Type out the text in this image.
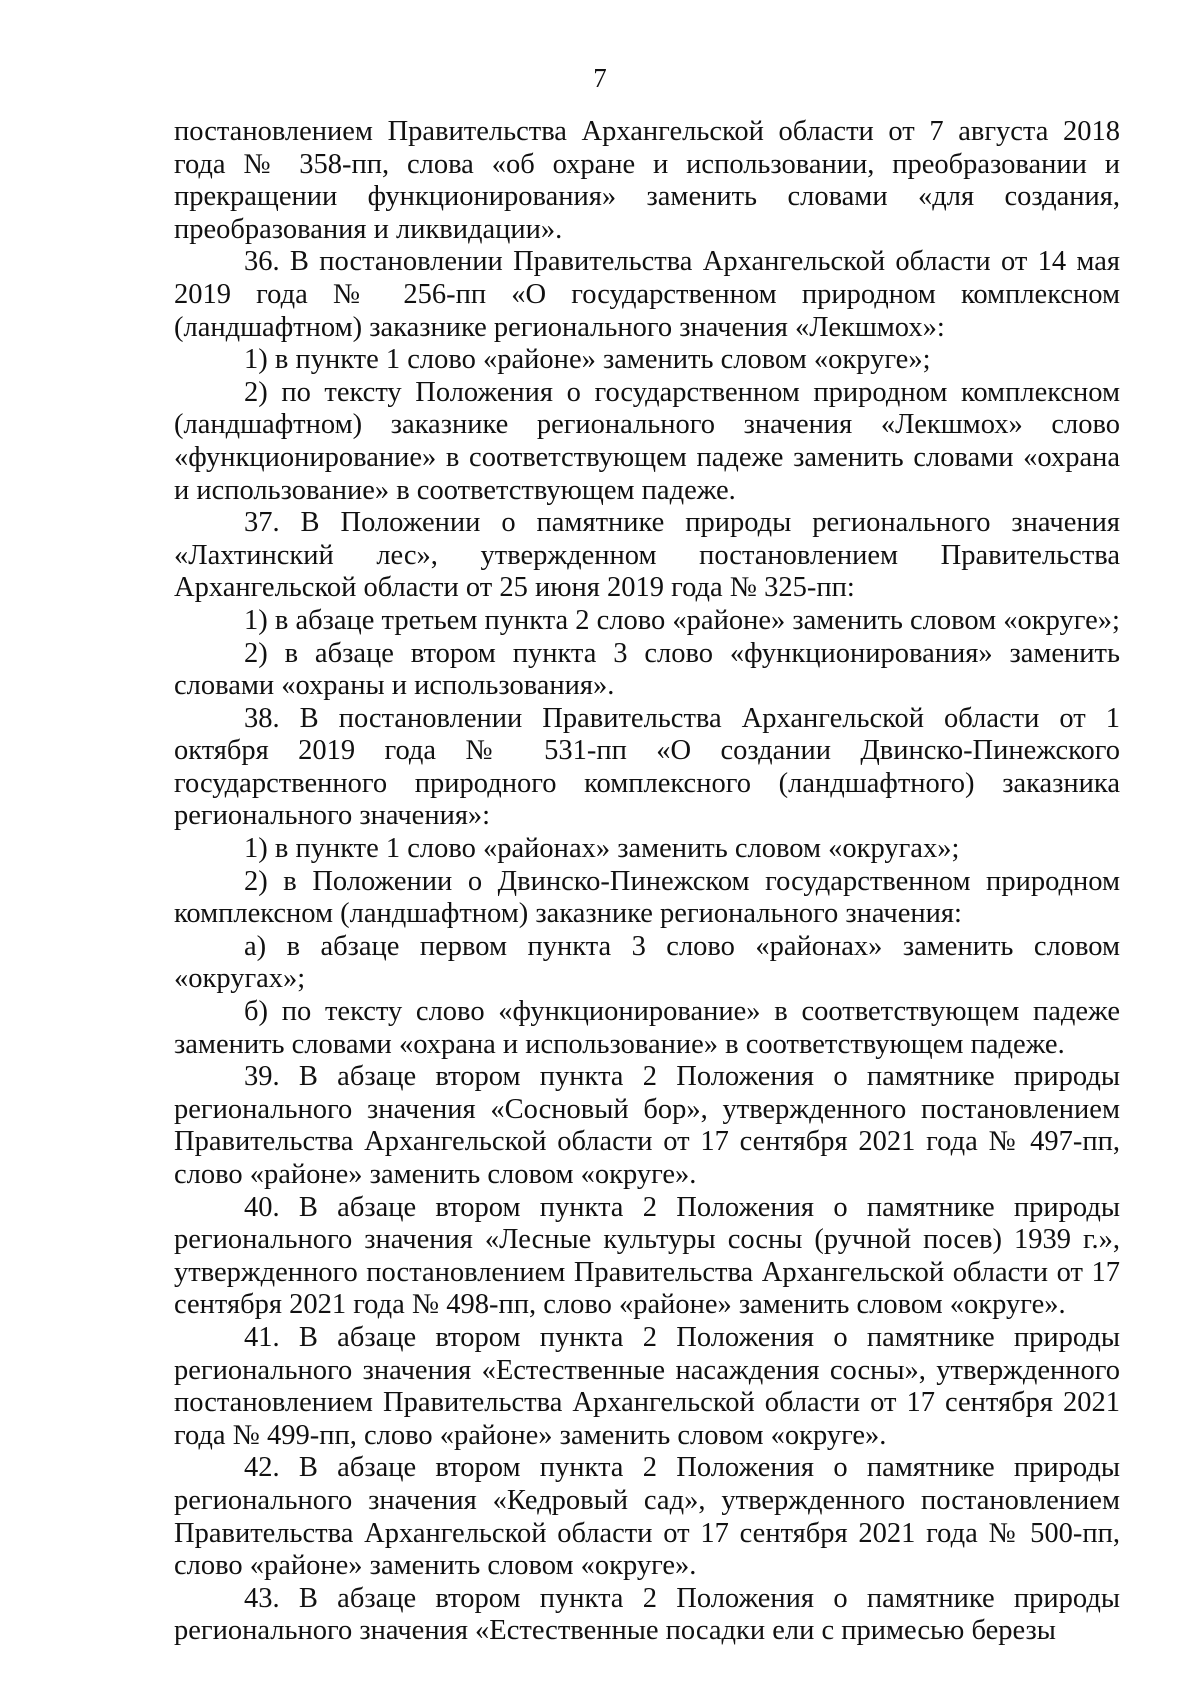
7

постановлением Правительства Архангельской области от 7 августа 2018 года № 358-пп, слова «об охране и использовании, преобразовании и прекращении функционирования» заменить словами «для создания, преобразования и ликвидации».

36. В постановлении Правительства Архангельской области от 14 мая 2019 года № 256-пп «О государственном природном комплексном (ландшафтном) заказнике регионального значения «Лекшмох»:

1) в пункте 1 слово «районе» заменить словом «округе»;

2) по тексту Положения о государственном природном комплексном (ландшафтном) заказнике регионального значения «Лекшмох» слово «функционирование» в соответствующем падеже заменить словами «охрана и использование» в соответствующем падеже.

37. В Положении о памятнике природы регионального значения «Лахтинский лес», утвержденном постановлением Правительства Архангельской области от 25 июня 2019 года № 325-пп:

1) в абзаце третьем пункта 2 слово «районе» заменить словом «округе»;

2) в абзаце втором пункта 3 слово «функционирования» заменить словами «охраны и использования».

38. В постановлении Правительства Архангельской области от 1 октября 2019 года № 531-пп «О создании Двинско-Пинежского государственного природного комплексного (ландшафтного) заказника регионального значения»:

1) в пункте 1 слово «районах» заменить словом «округах»;

2) в Положении о Двинско-Пинежском государственном природном комплексном (ландшафтном) заказнике регионального значения:

а) в абзаце первом пункта 3 слово «районах» заменить словом «округах»;

б) по тексту слово «функционирование» в соответствующем падеже заменить словами «охрана и использование» в соответствующем падеже.

39. В абзаце втором пункта 2 Положения о памятнике природы регионального значения «Сосновый бор», утвержденного постановлением Правительства Архангельской области от 17 сентября 2021 года № 497-пп, слово «районе» заменить словом «округе».

40. В абзаце втором пункта 2 Положения о памятнике природы регионального значения «Лесные культуры сосны (ручной посев) 1939 г.», утвержденного постановлением Правительства Архангельской области от 17 сентября 2021 года № 498-пп, слово «районе» заменить словом «округе».

41. В абзаце втором пункта 2 Положения о памятнике природы регионального значения «Естественные насаждения сосны», утвержденного постановлением Правительства Архангельской области от 17 сентября 2021 года № 499-пп, слово «районе» заменить словом «округе».

42. В абзаце втором пункта 2 Положения о памятнике природы регионального значения «Кедровый сад», утвержденного постановлением Правительства Архангельской области от 17 сентября 2021 года № 500-пп, слово «районе» заменить словом «округе».

43. В абзаце втором пункта 2 Положения о памятнике природы регионального значения «Естественные посадки ели с примесью березы
